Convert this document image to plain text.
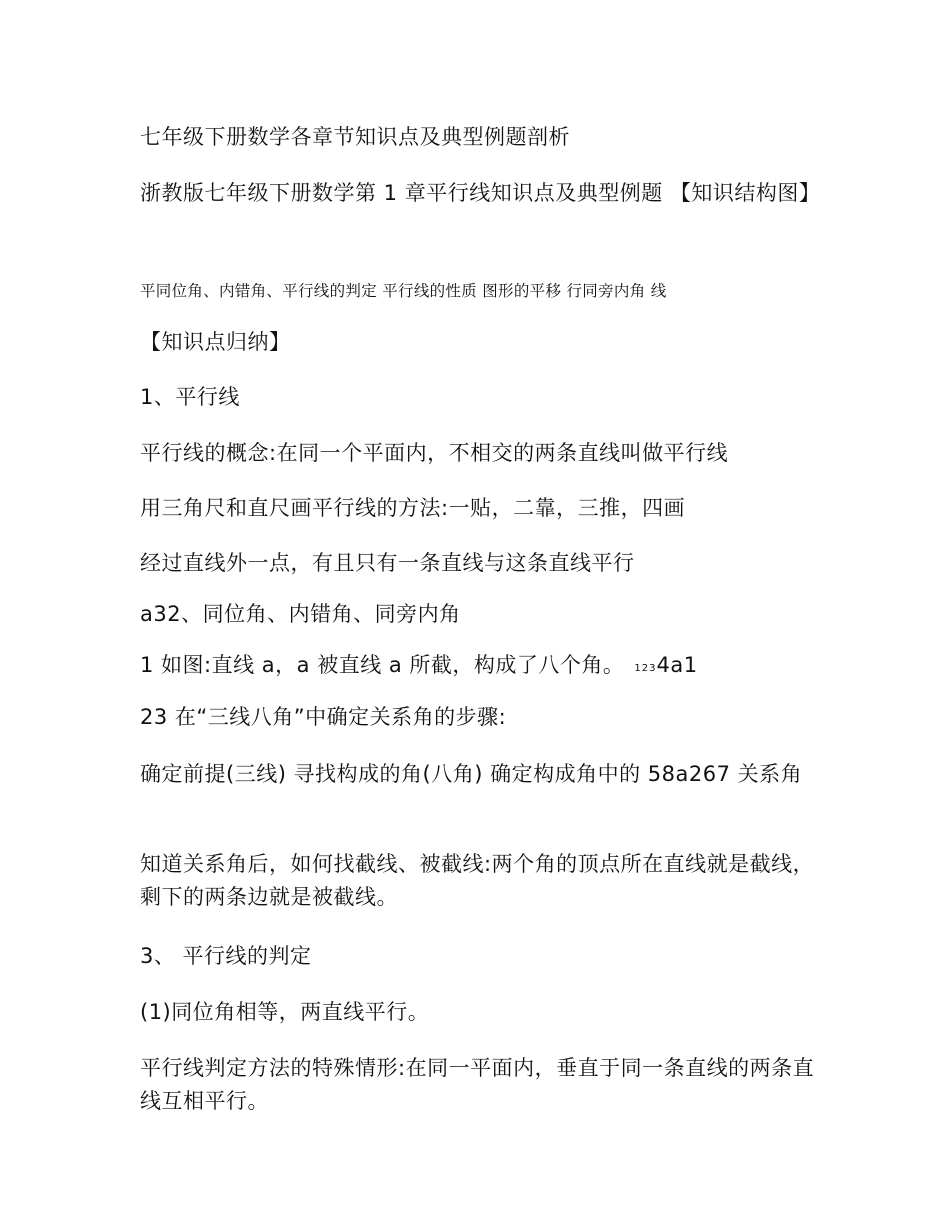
七年级下册数学各章节知识点及典型例题剖析
浙教版七年级下册数学第 1 章平行线知识点及典型例题 【知识结构图】
平同位角、内错角、平行线的判定 平行线的性质 图形的平移 行同旁内角 线
【知识点归纳】
1、平行线
平行线的概念:在同一个平面内，不相交的两条直线叫做平行线
用三角尺和直尺画平行线的方法:一贴，二靠，三推，四画
经过直线外一点，有且只有一条直线与这条直线平行
a32、同位角、内错角、同旁内角
1 如图:直线 a，a 被直线 a 所截，构成了八个角。 1234a1
23 在“三线八角”中确定关系角的步骤:
确定前提(三线) 寻找构成的角(八角) 确定构成角中的 58a267 关系角
知道关系角后，如何找截线、被截线:两个角的顶点所在直线就是截线，剩下的两条边就是被截线。
3、 平行线的判定
(1)同位角相等，两直线平行。
平行线判定方法的特殊情形:在同一平面内，垂直于同一条直线的两条直线互相平行。
